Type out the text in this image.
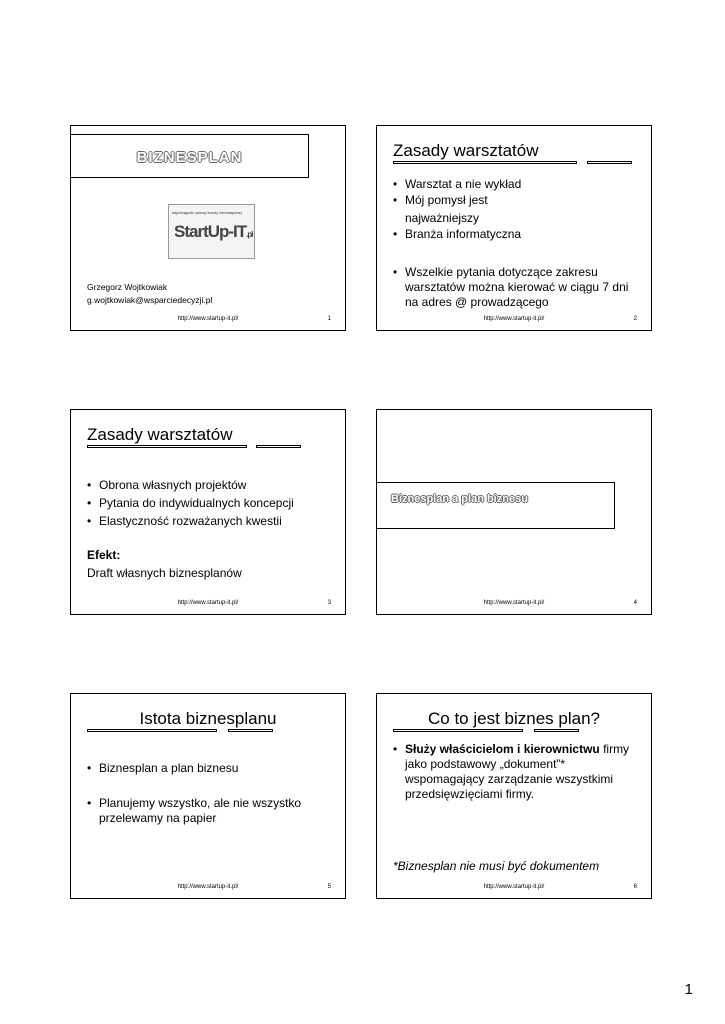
BIZNESPLAN
wspomaganie rozwoju branży informatycznej
StartUp-IT.pl
Grzegorz Wojtkowiak
g.wojtkowiak@wsparciedecyzji.pl
http://www.startup-it.pl/	1
Zasady warsztatów
• Warsztat a nie wykład
• Mój pomysł jest
najważniejszy
• Branża informatyczna
• Wszelkie pytania dotyczące zakresu warsztatów można kierować w ciągu 7 dni na adres @ prowadzącego
http://www.startup-it.pl/	2
Zasady warsztatów
• Obrona własnych projektów
• Pytania do indywidualnych koncepcji
• Elastyczność rozważanych kwestii
Efekt:
Draft własnych biznesplanów
http://www.startup-it.pl/	3
Biznesplan a plan biznesu
http://www.startup-it.pl/	4
Istota biznesplanu
• Biznesplan a plan biznesu
• Planujemy wszystko, ale nie wszystko przelewamy na papier
http://www.startup-it.pl/	5
Co to jest biznes plan?
• Służy właścicielom i kierownictwu firmy jako podstawowy „dokument”* wspomagający zarządzanie wszystkimi przedsięwzięciami firmy.
*Biznesplan nie musi być dokumentem
http://www.startup-it.pl/	6
1
